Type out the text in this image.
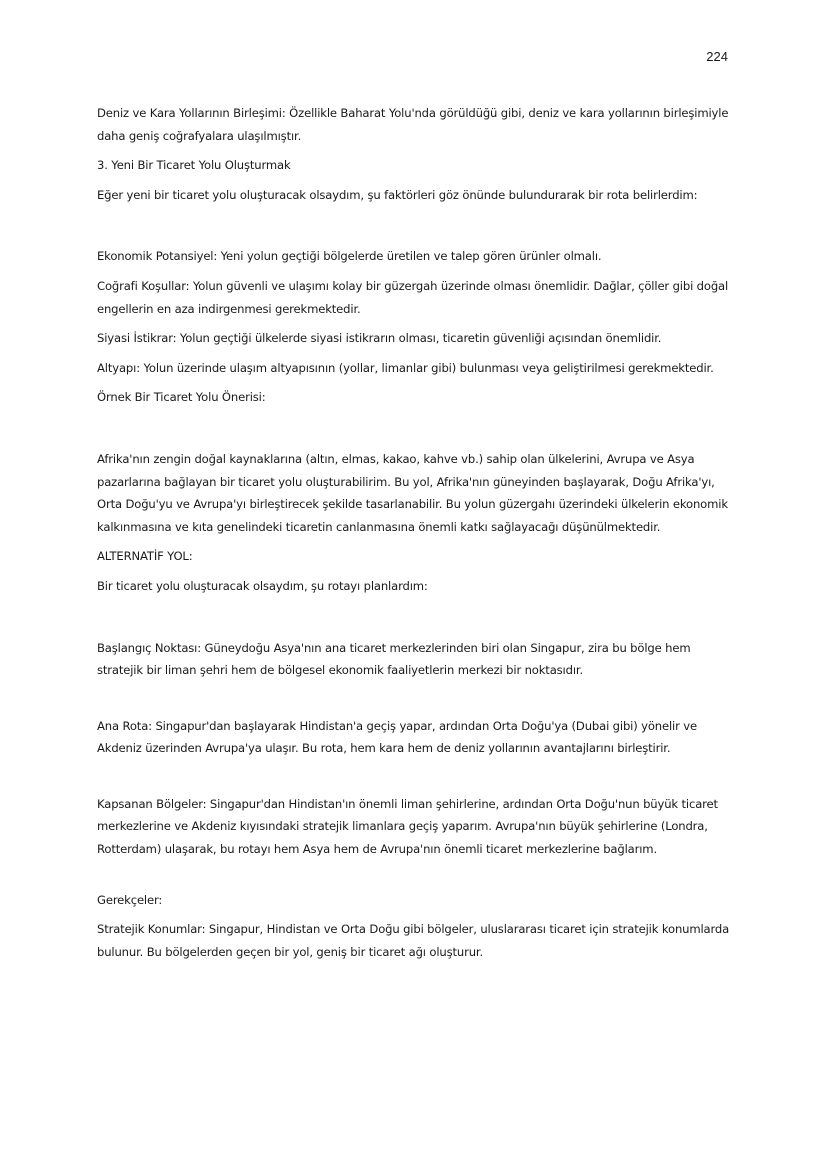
224

Deniz ve Kara Yollarının Birleşimi: Özellikle Baharat Yolu'nda görüldüğü gibi, deniz ve kara yollarının birleşimiyle daha geniş coğrafyalara ulaşılmıştır.

3. Yeni Bir Ticaret Yolu Oluşturmak

Eğer yeni bir ticaret yolu oluşturacak olsaydım, şu faktörleri göz önünde bulundurarak bir rota belirlerdim:

Ekonomik Potansiyel: Yeni yolun geçtiği bölgelerde üretilen ve talep gören ürünler olmalı.

Coğrafi Koşullar: Yolun güvenli ve ulaşımı kolay bir güzergah üzerinde olması önemlidir. Dağlar, çöller gibi doğal engellerin en aza indirgenmesi gerekmektedir.

Siyasi İstikrar: Yolun geçtiği ülkelerde siyasi istikrarın olması, ticaretin güvenliği açısından önemlidir.

Altyapı: Yolun üzerinde ulaşım altyapısının (yollar, limanlar gibi) bulunması veya geliştirilmesi gerekmektedir.

Örnek Bir Ticaret Yolu Önerisi:

Afrika'nın zengin doğal kaynaklarına (altın, elmas, kakao, kahve vb.) sahip olan ülkelerini, Avrupa ve Asya pazarlarına bağlayan bir ticaret yolu oluşturabilirim. Bu yol, Afrika'nın güneyinden başlayarak, Doğu Afrika'yı, Orta Doğu'yu ve Avrupa'yı birleştirecek şekilde tasarlanabilir. Bu yolun güzergahı üzerindeki ülkelerin ekonomik kalkınmasına ve kıta genelindeki ticaretin canlanmasına önemli katkı sağlayacağı düşünülmektedir.

ALTERNATİF YOL:

Bir ticaret yolu oluşturacak olsaydım, şu rotayı planlardım:

Başlangıç Noktası: Güneydoğu Asya'nın ana ticaret merkezlerinden biri olan Singapur, zira bu bölge hem stratejik bir liman şehri hem de bölgesel ekonomik faaliyetlerin merkezi bir noktasıdır.

Ana Rota: Singapur'dan başlayarak Hindistan'a geçiş yapar, ardından Orta Doğu'ya (Dubai gibi) yönelir ve Akdeniz üzerinden Avrupa'ya ulaşır. Bu rota, hem kara hem de deniz yollarının avantajlarını birleştirir.

Kapsanan Bölgeler: Singapur'dan Hindistan'ın önemli liman şehirlerine, ardından Orta Doğu'nun büyük ticaret merkezlerine ve Akdeniz kıyısındaki stratejik limanlara geçiş yaparım. Avrupa'nın büyük şehirlerine (Londra, Rotterdam) ulaşarak, bu rotayı hem Asya hem de Avrupa'nın önemli ticaret merkezlerine bağlarım.

Gerekçeler:

Stratejik Konumlar: Singapur, Hindistan ve Orta Doğu gibi bölgeler, uluslararası ticaret için stratejik konumlarda bulunur. Bu bölgelerden geçen bir yol, geniş bir ticaret ağı oluşturur.
